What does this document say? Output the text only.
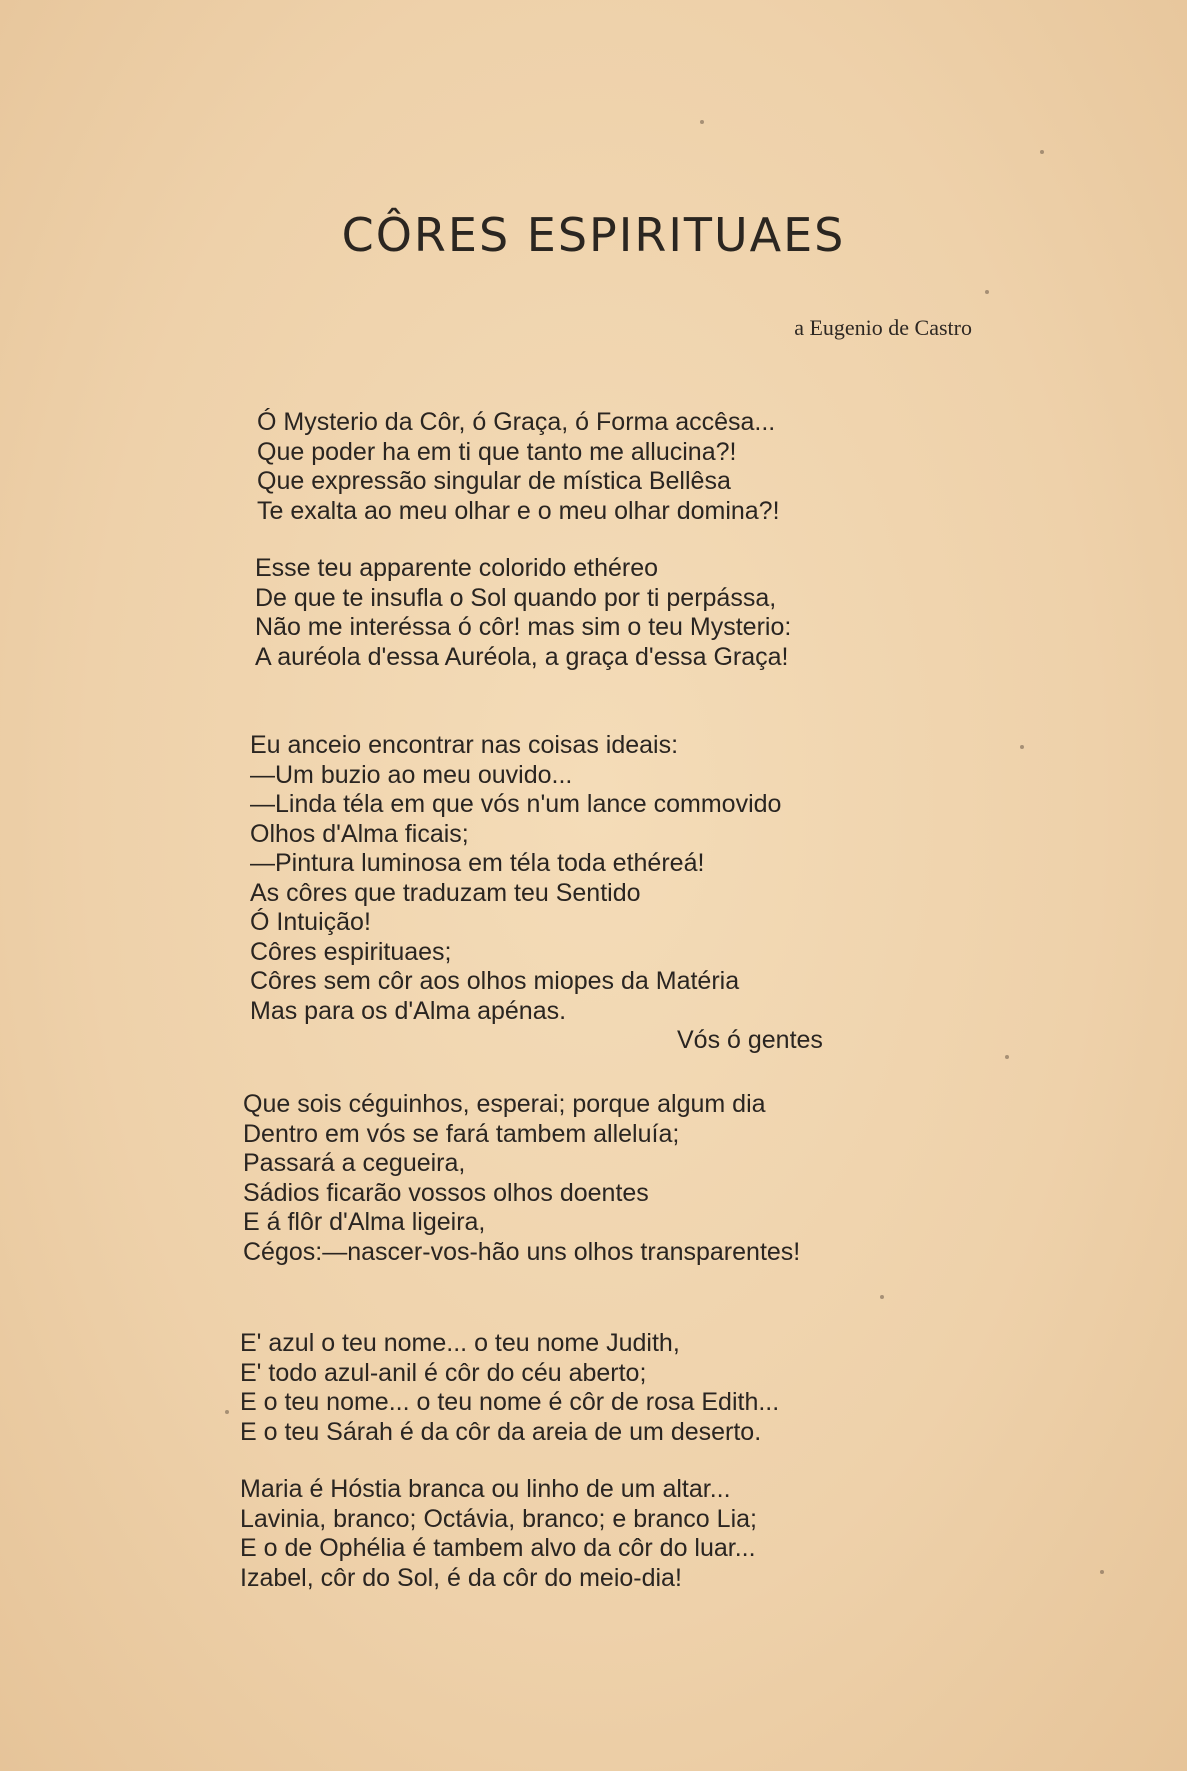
CÔRES ESPIRITUAES
a Eugenio de Castro
Ó Mysterio da Côr, ó Graça, ó Forma accêsa...
Que poder ha em ti que tanto me allucina?!
Que expressão singular de mística Bellêsa
Te exalta ao meu olhar e o meu olhar domina?!
Esse teu apparente colorido ethéreo
De que te insufla o Sol quando por ti perpássa,
Não me interéssa ó côr! mas sim o teu Mysterio:
A auréola d'essa Auréola, a graça d'essa Graça!
Eu anceio encontrar nas coisas ideais:
—Um buzio ao meu ouvido...
—Linda téla em que vós n'um lance commovido
Olhos d'Alma ficais;
—Pintura luminosa em téla toda ethéreá!
As côres que traduzam teu Sentido
Ó Intuição!
Côres espirituaes;
Côres sem côr aos olhos miopes da Matéria
Mas para os d'Alma apénas.
Vós ó gentes
Que sois céguinhos, esperai; porque algum dia
Dentro em vós se fará tambem alleluía;
Passará a cegueira,
Sádios ficarão vossos olhos doentes
E á flôr d'Alma ligeira,
Cégos:—nascer-vos-hão uns olhos transparentes!
E' azul o teu nome... o teu nome Judith,
E' todo azul-anil é côr do céu aberto;
E o teu nome... o teu nome é côr de rosa Edith...
E o teu Sárah é da côr da areia de um deserto.
Maria é Hóstia branca ou linho de um altar...
Lavinia, branco; Octávia, branco; e branco Lia;
E o de Ophélia é tambem alvo da côr do luar...
Izabel, côr do Sol, é da côr do meio-dia!
